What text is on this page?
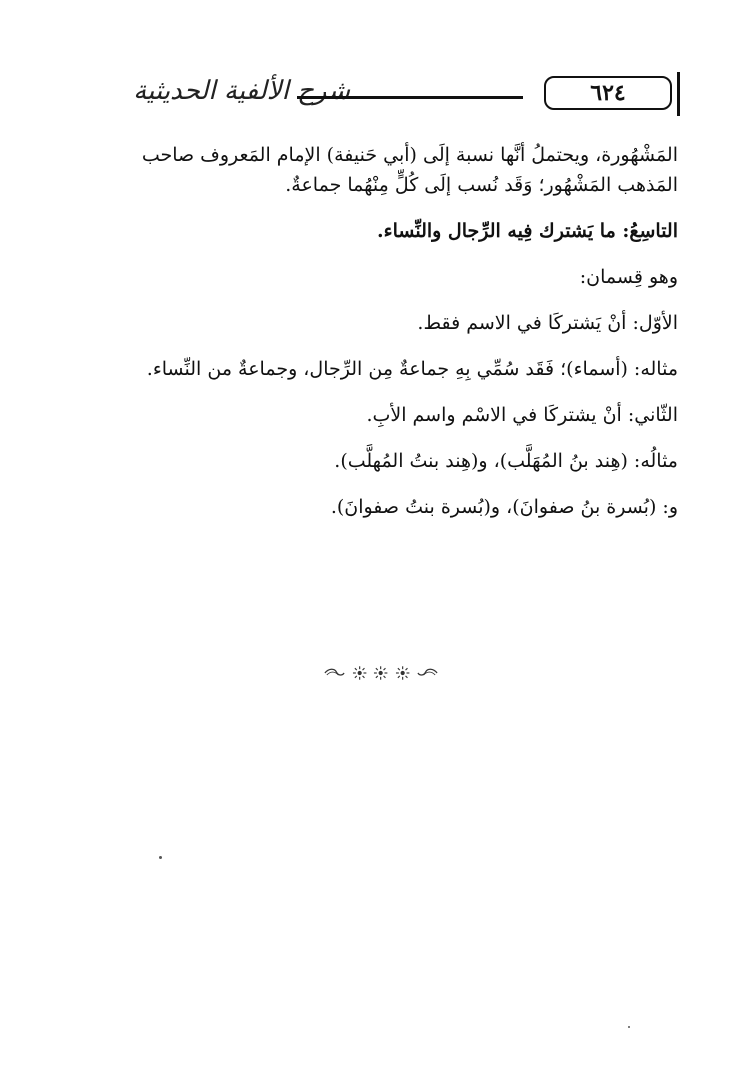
شرح الألفية الحديثية	٦٢٤

المَشْهُورة، ويحتملُ أنَّها نسبة إلَى (أبي حَنيفة) الإمام المَعروف صاحب

المَذهب المَشْهُور؛ وَقَد نُسب إلَى كُلٍّ مِنْهُما جماعةٌ.

التاسِعُ: ما يَشترك فِيه الرِّجال والنِّساء.

وهو قِسمان:

الأوّل: أنْ يَشتركَا في الاسم فقط.

مثاله: (أسماء)؛ فَقَد سُمِّي بِهِ جماعةٌ مِن الرِّجال، وجماعةٌ من النِّساء.

الثّاني: أنْ يشتركَا في الاسْم واسم الأبِ.

مثالُه: (هِند بنُ المُهَلَّب)، و(هِند بنتُ المُهلَّب).

و: (بُسرة بنُ صفوانَ)، و(بُسرة بنتُ صفوانَ).
